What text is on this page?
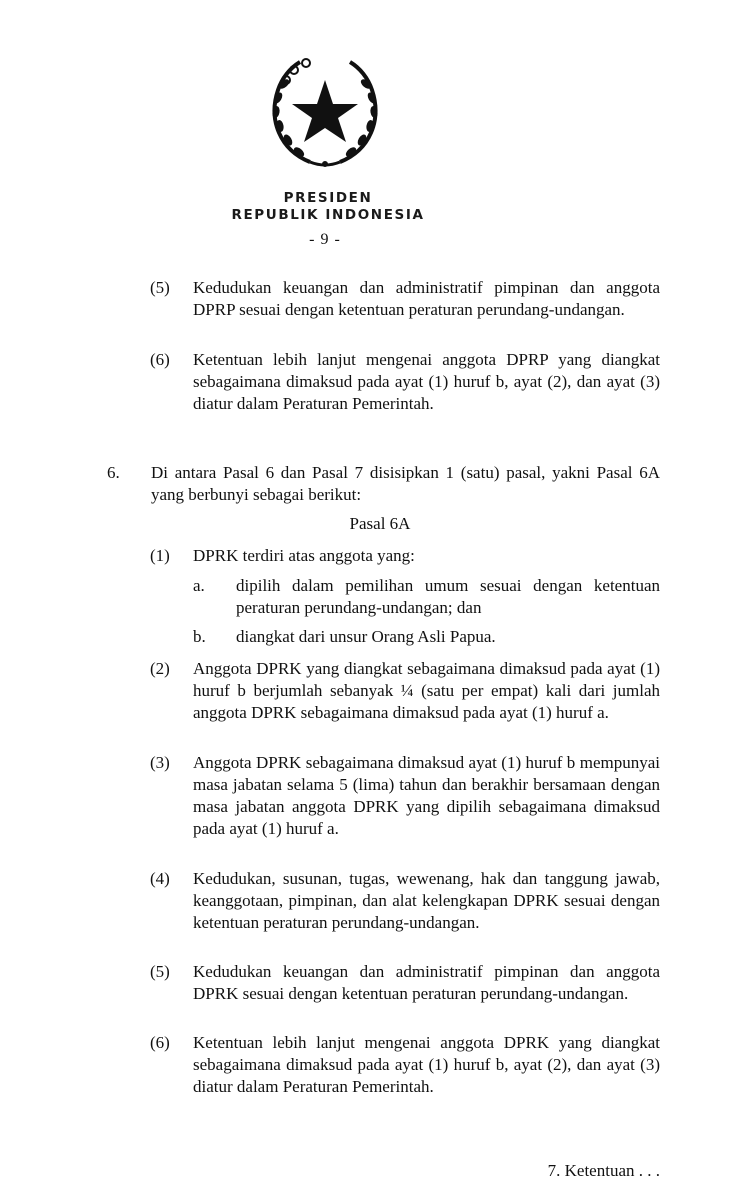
PRESIDEN
REPUBLIK INDONESIA
- 9 -
(5) Kedudukan keuangan dan administratif pimpinan dan anggota DPRP sesuai dengan ketentuan peraturan perundang-undangan.
(6) Ketentuan lebih lanjut mengenai anggota DPRP yang diangkat sebagaimana dimaksud pada ayat (1) huruf b, ayat (2), dan ayat (3) diatur dalam Peraturan Pemerintah.
6. Di antara Pasal 6 dan Pasal 7 disisipkan 1 (satu) pasal, yakni Pasal 6A yang berbunyi sebagai berikut:
Pasal 6A
(1) DPRK terdiri atas anggota yang:
a. dipilih dalam pemilihan umum sesuai dengan ketentuan peraturan perundang-undangan; dan
b. diangkat dari unsur Orang Asli Papua.
(2) Anggota DPRK yang diangkat sebagaimana dimaksud pada ayat (1) huruf b berjumlah sebanyak ¼ (satu per empat) kali dari jumlah anggota DPRK sebagaimana dimaksud pada ayat (1) huruf a.
(3) Anggota DPRK sebagaimana dimaksud ayat (1) huruf b mempunyai masa jabatan selama 5 (lima) tahun dan berakhir bersamaan dengan masa jabatan anggota DPRK yang dipilih sebagaimana dimaksud pada ayat (1) huruf a.
(4) Kedudukan, susunan, tugas, wewenang, hak dan tanggung jawab, keanggotaan, pimpinan, dan alat kelengkapan DPRK sesuai dengan ketentuan peraturan perundang-undangan.
(5) Kedudukan keuangan dan administratif pimpinan dan anggota DPRK sesuai dengan ketentuan peraturan perundang-undangan.
(6) Ketentuan lebih lanjut mengenai anggota DPRK yang diangkat sebagaimana dimaksud pada ayat (1) huruf b, ayat (2), dan ayat (3) diatur dalam Peraturan Pemerintah.
7. Ketentuan . . .
